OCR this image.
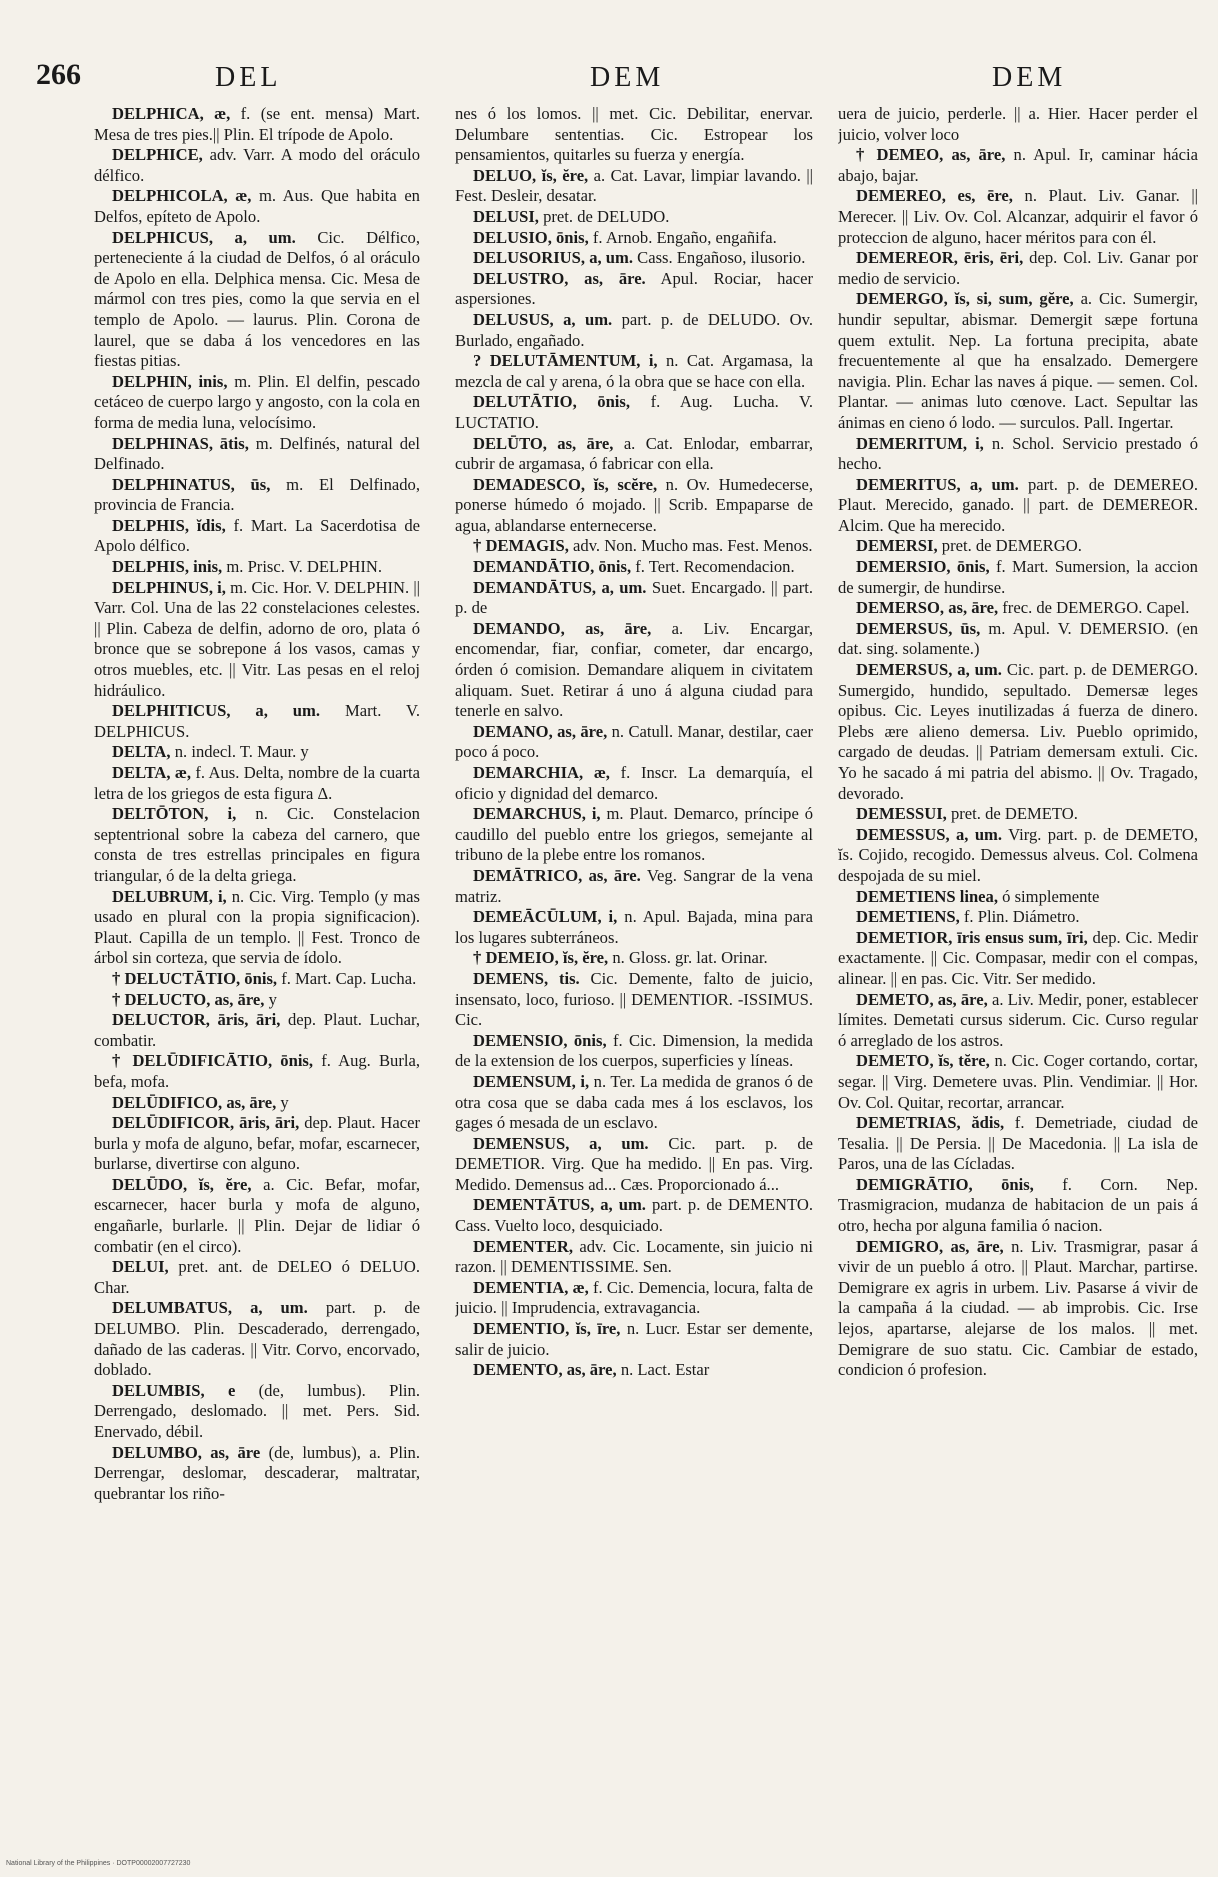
266	DEL	DEM	DEM

DELPHICA, æ, f. (se ent. mensa) Mart. Mesa de tres pies.|| Plin. El trípode de Apolo.

DELPHICE, adv. Varr. A modo del oráculo délfico.

DELPHICOLA, æ, m. Aus. Que habita en Delfos, epíteto de Apolo.

DELPHICUS, a, um. Cic. Délfico, perteneciente á la ciudad de Delfos, ó al oráculo de Apolo en ella. Delphica mensa. Cic. Mesa de mármol con tres pies, como la que servia en el templo de Apolo. — laurus. Plin. Corona de laurel, que se daba á los vencedores en las fiestas pitias.

DELPHIN, inis, m. Plin. El delfin, pescado cetáceo de cuerpo largo y angosto, con la cola en forma de media luna, velocísimo.

DELPHINAS, ātis, m. Delfinés, natural del Delfinado.

DELPHINATUS, ūs, m. El Delfinado, provincia de Francia.

DELPHIS, ĭdis, f. Mart. La Sacerdotisa de Apolo délfico.

DELPHIS, inis, m. Prisc. V. DELPHIN.

DELPHINUS, i, m. Cic. Hor. V. DELPHIN. || Varr. Col. Una de las 22 constelaciones celestes. || Plin. Cabeza de delfin, adorno de oro, plata ó bronce que se sobrepone á los vasos, camas y otros muebles, etc. || Vitr. Las pesas en el reloj hidráulico.

DELPHITICUS, a, um. Mart. V. DELPHICUS.

DELTA, n. indecl. T. Maur. y

DELTA, æ, f. Aus. Delta, nombre de la cuarta letra de los griegos de esta figura Δ.

DELTŌTON, i, n. Cic. Constelacion septentrional sobre la cabeza del carnero, que consta de tres estrellas principales en figura triangular, ó de la delta griega.

DELUBRUM, i, n. Cic. Virg. Templo (y mas usado en plural con la propia significacion). Plaut. Capilla de un templo. || Fest. Tronco de árbol sin corteza, que servia de ídolo.

† DELUCTĀTIO, ōnis, f. Mart. Cap. Lucha.

† DELUCTO, as, āre, y

DELUCTOR, āris, āri, dep. Plaut. Luchar, combatir.

† DELŪDIFICĀTIO, ōnis, f. Aug. Burla, befa, mofa.

DELŪDIFICO, as, āre, y

DELŪDIFICOR, āris, āri, dep. Plaut. Hacer burla y mofa de alguno, befar, mofar, escarnecer, burlarse, divertirse con alguno.

DELŪDO, ĭs, ĕre, a. Cic. Befar, mofar, escarnecer, hacer burla y mofa de alguno, engañarle, burlarle. || Plin. Dejar de lidiar ó combatir (en el circo).

DELUI, pret. ant. de DELEO ó DELUO. Char.

DELUMBATUS, a, um. part. p. de DELUMBO. Plin. Descaderado, derrengado, dañado de las caderas. || Vitr. Corvo, encorvado, doblado.

DELUMBIS, e (de, lumbus). Plin. Derrengado, deslomado. || met. Pers. Sid. Enervado, débil.

DELUMBO, as, āre (de, lumbus), a. Plin. Derrengar, deslomar, descaderar, maltratar, quebrantar los riño-

nes ó los lomos. || met. Cic. Debilitar, enervar. Delumbare sententias. Cic. Estropear los pensamientos, quitarles su fuerza y energía.

DELUO, ĭs, ĕre, a. Cat. Lavar, limpiar lavando. || Fest. Desleir, desatar.

DELUSI, pret. de DELUDO.

DELUSIO, ōnis, f. Arnob. Engaño, engañifa.

DELUSORIUS, a, um. Cass. Engañoso, ilusorio.

DELUSTRO, as, āre. Apul. Rociar, hacer aspersiones.

DELUSUS, a, um. part. p. de DELUDO. Ov. Burlado, engañado.

? DELUTĀMENTUM, i, n. Cat. Argamasa, la mezcla de cal y arena, ó la obra que se hace con ella.

DELUTĀTIO, ōnis, f. Aug. Lucha. V. LUCTATIO.

DELŪTO, as, āre, a. Cat. Enlodar, embarrar, cubrir de argamasa, ó fabricar con ella.

DEMADESCO, ĭs, scĕre, n. Ov. Humedecerse, ponerse húmedo ó mojado. || Scrib. Empaparse de agua, ablandarse enternecerse.

† DEMAGIS, adv. Non. Mucho mas. Fest. Menos.

DEMANDĀTIO, ōnis, f. Tert. Recomendacion.

DEMANDĀTUS, a, um. Suet. Encargado. || part. p. de

DEMANDO, as, āre, a. Liv. Encargar, encomendar, fiar, confiar, cometer, dar encargo, órden ó comision. Demandare aliquem in civitatem aliquam. Suet. Retirar á uno á alguna ciudad para tenerle en salvo.

DEMANO, as, āre, n. Catull. Manar, destilar, caer poco á poco.

DEMARCHIA, æ, f. Inscr. La demarquía, el oficio y dignidad del demarco.

DEMARCHUS, i, m. Plaut. Demarco, príncipe ó caudillo del pueblo entre los griegos, semejante al tribuno de la plebe entre los romanos.

DEMĀTRICO, as, āre. Veg. Sangrar de la vena matriz.

DEMEĀCŪLUM, i, n. Apul. Bajada, mina para los lugares subterráneos.

† DEMEIO, ĭs, ĕre, n. Gloss. gr. lat. Orinar.

DEMENS, tis. Cic. Demente, falto de juicio, insensato, loco, furioso. || DEMENTIOR. -ISSIMUS. Cic.

DEMENSIO, ōnis, f. Cic. Dimension, la medida de la extension de los cuerpos, superficies y líneas.

DEMENSUM, i, n. Ter. La medida de granos ó de otra cosa que se daba cada mes á los esclavos, los gages ó mesada de un esclavo.

DEMENSUS, a, um. Cic. part. p. de DEMETIOR. Virg. Que ha medido. || En pas. Virg. Medido. Demensus ad... Cæs. Proporcionado á...

DEMENTĀTUS, a, um. part. p. de DEMENTO. Cass. Vuelto loco, desquiciado.

DEMENTER, adv. Cic. Locamente, sin juicio ni razon. || DEMENTISSIME. Sen.

DEMENTIA, æ, f. Cic. Demencia, locura, falta de juicio. || Imprudencia, extravagancia.

DEMENTIO, ĭs, īre, n. Lucr. Estar ser demente, salir de juicio.

DEMENTO, as, āre, n. Lact. Estar

uera de juicio, perderle. || a. Hier. Hacer perder el juicio, volver loco

† DEMEO, as, āre, n. Apul. Ir, caminar hácia abajo, bajar.

DEMEREO, es, ēre, n. Plaut. Liv. Ganar. || Merecer. || Liv. Ov. Col. Alcanzar, adquirir el favor ó proteccion de alguno, hacer méritos para con él.

DEMEREOR, ēris, ēri, dep. Col. Liv. Ganar por medio de servicio.

DEMERGO, ĭs, si, sum, gĕre, a. Cic. Sumergir, hundir sepultar, abismar. Demergit sæpe fortuna quem extulit. Nep. La fortuna precipita, abate frecuentemente al que ha ensalzado. Demergere navigia. Plin. Echar las naves á pique. — semen. Col. Plantar. — animas luto cœnove. Lact. Sepultar las ánimas en cieno ó lodo. — surculos. Pall. Ingertar.

DEMERITUM, i, n. Schol. Servicio prestado ó hecho.

DEMERITUS, a, um. part. p. de DEMEREO. Plaut. Merecido, ganado. || part. de DEMEREOR. Alcim. Que ha merecido.

DEMERSI, pret. de DEMERGO.

DEMERSIO, ōnis, f. Mart. Sumersion, la accion de sumergir, de hundirse.

DEMERSO, as, āre, frec. de DEMERGO. Capel.

DEMERSUS, ūs, m. Apul. V. DEMERSIO. (en dat. sing. solamente.)

DEMERSUS, a, um. Cic. part. p. de DEMERGO. Sumergido, hundido, sepultado. Demersæ leges opibus. Cic. Leyes inutilizadas á fuerza de dinero. Plebs ære alieno demersa. Liv. Pueblo oprimido, cargado de deudas. || Patriam demersam extuli. Cic. Yo he sacado á mi patria del abismo. || Ov. Tragado, devorado.

DEMESSUI, pret. de DEMETO.

DEMESSUS, a, um. Virg. part. p. de DEMETO, ĭs. Cojido, recogido. Demessus alveus. Col. Colmena despojada de su miel.

DEMETIENS linea, ó simplemente

DEMETIENS, f. Plin. Diámetro.

DEMETIOR, īris ensus sum, īri, dep. Cic. Medir exactamente. || Cic. Compasar, medir con el compas, alinear. || en pas. Cic. Vitr. Ser medido.

DEMETO, as, āre, a. Liv. Medir, poner, establecer límites. Demetati cursus siderum. Cic. Curso regular ó arreglado de los astros.

DEMETO, ĭs, tĕre, n. Cic. Coger cortando, cortar, segar. || Virg. Demetere uvas. Plin. Vendimiar. || Hor. Ov. Col. Quitar, recortar, arrancar.

DEMETRIAS, ădis, f. Demetriade, ciudad de Tesalia. || De Persia. || De Macedonia. || La isla de Paros, una de las Cícladas.

DEMIGRĀTIO, ōnis, f. Corn. Nep. Trasmigracion, mudanza de habitacion de un pais á otro, hecha por alguna familia ó nacion.

DEMIGRO, as, āre, n. Liv. Trasmigrar, pasar á vivir de un pueblo á otro. || Plaut. Marchar, partirse. Demigrare ex agris in urbem. Liv. Pasarse á vivir de la campaña á la ciudad. — ab improbis. Cic. Irse lejos, apartarse, alejarse de los malos. || met. Demigrare de suo statu. Cic. Cambiar de estado, condicion ó profesion.

National Library of the Philippines · DOTP00002007727230
